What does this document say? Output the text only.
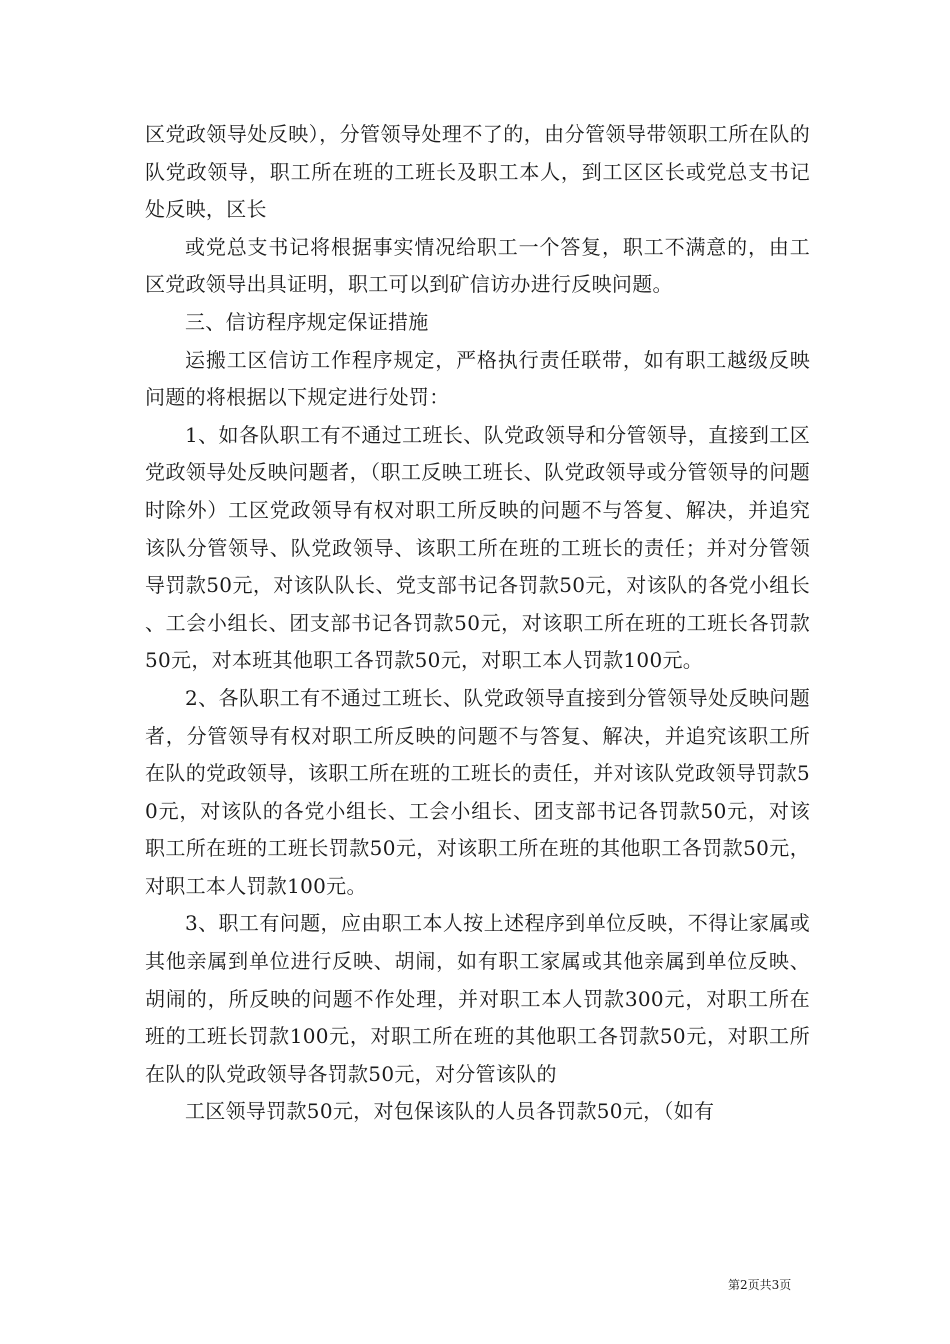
区党政领导处反映），分管领导处理不了的，由分管领导带领职工所在队的队党政领导，职工所在班的工班长及职工本人，到工区区长或党总支书记处反映，区长

或党总支书记将根据事实情况给职工一个答复，职工不满意的，由工区党政领导出具证明，职工可以到矿信访办进行反映问题。

三、信访程序规定保证措施

运搬工区信访工作程序规定，严格执行责任联带，如有职工越级反映问题的将根据以下规定进行处罚：

1、如各队职工有不通过工班长、队党政领导和分管领导，直接到工区党政领导处反映问题者，（职工反映工班长、队党政领导或分管领导的问题时除外）工区党政领导有权对职工所反映的问题不与答复、解决，并追究该队分管领导、队党政领导、该职工所在班的工班长的责任；并对分管领导罚款50元，对该队队长、党支部书记各罚款50元，对该队的各党小组长、工会小组长、团支部书记各罚款50元，对该职工所在班的工班长各罚款50元，对本班其他职工各罚款50元，对职工本人罚款100元。

2、各队职工有不通过工班长、队党政领导直接到分管领导处反映问题者，分管领导有权对职工所反映的问题不与答复、解决，并追究该职工所在队的党政领导，该职工所在班的工班长的责任，并对该队党政领导罚款50元，对该队的各党小组长、工会小组长、团支部书记各罚款50元，对该职工所在班的工班长罚款50元，对该职工所在班的其他职工各罚款50元，对职工本人罚款100元。

3、职工有问题，应由职工本人按上述程序到单位反映，不得让家属或其他亲属到单位进行反映、胡闹，如有职工家属或其他亲属到单位反映、胡闹的，所反映的问题不作处理，并对职工本人罚款300元，对职工所在班的工班长罚款100元，对职工所在班的其他职工各罚款50元，对职工所在队的队党政领导各罚款50元，对分管该队的

工区领导罚款50元，对包保该队的人员各罚款50元，（如有

第2页共3页
